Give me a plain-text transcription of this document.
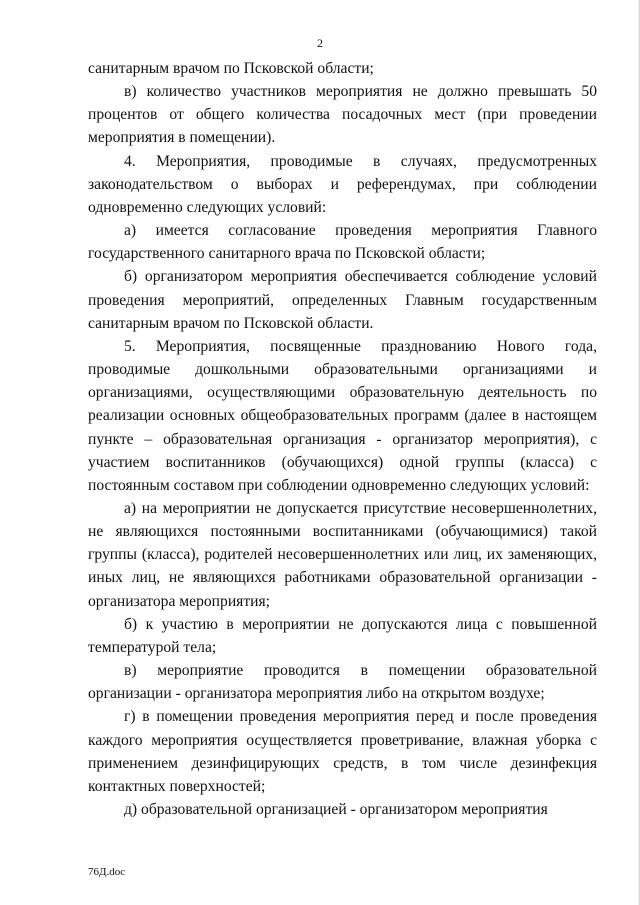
2

санитарным врачом по Псковской области;

в) количество участников мероприятия не должно превышать 50 процентов от общего количества посадочных мест (при проведении мероприятия в помещении).

4. Мероприятия, проводимые в случаях, предусмотренных законодательством о выборах и референдумах, при соблюдении одновременно следующих условий:

а) имеется согласование проведения мероприятия Главного государственного санитарного врача по Псковской области;

б) организатором мероприятия обеспечивается соблюдение условий проведения мероприятий, определенных Главным государственным санитарным врачом по Псковской области.

5. Мероприятия, посвященные празднованию Нового года, проводимые дошкольными образовательными организациями и организациями, осуществляющими образовательную деятельность по реализации основных общеобразовательных программ (далее в настоящем пункте – образовательная организация - организатор мероприятия), с участием воспитанников (обучающихся) одной группы (класса) с постоянным составом при соблюдении одновременно следующих условий:

а) на мероприятии не допускается присутствие несовершеннолетних, не являющихся постоянными воспитанниками (обучающимися) такой группы (класса), родителей несовершеннолетних или лиц, их заменяющих, иных лиц, не являющихся работниками образовательной организации - организатора мероприятия;

б) к участию в мероприятии не допускаются лица с повышенной температурой тела;

в) мероприятие проводится в помещении образовательной организации - организатора мероприятия либо на открытом воздухе;

г) в помещении проведения мероприятия перед и после проведения каждого мероприятия осуществляется проветривание, влажная уборка с применением дезинфицирующих средств, в том числе дезинфекция контактных поверхностей;

д) образовательной организацией - организатором мероприятия

76Д.doc
